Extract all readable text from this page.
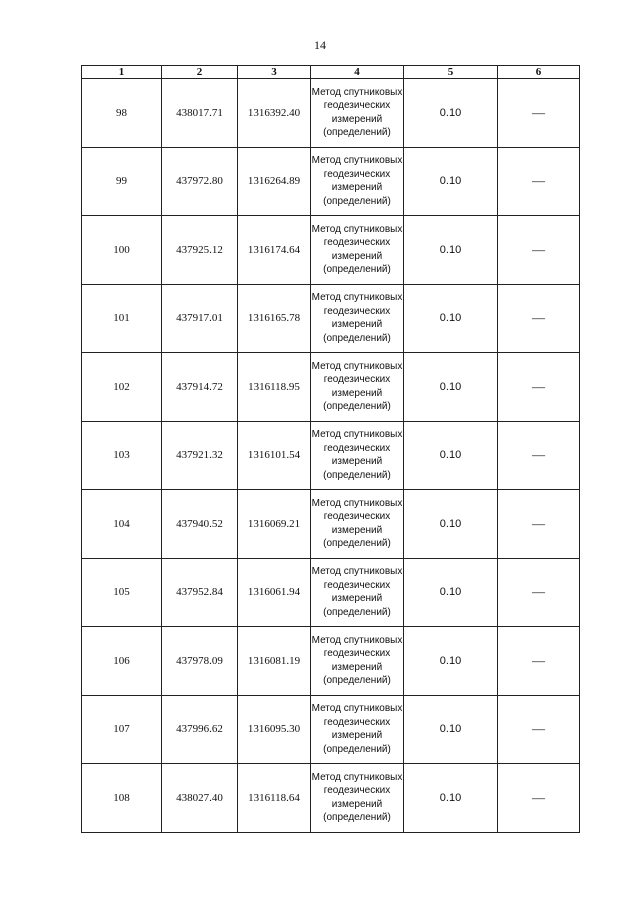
14
1	2	3	4	5	6
98	438017.71	1316392.40	Метод спутниковых геодезических измерений (определений)	0.10	—
99	437972.80	1316264.89	Метод спутниковых геодезических измерений (определений)	0.10	—
100	437925.12	1316174.64	Метод спутниковых геодезических измерений (определений)	0.10	—
101	437917.01	1316165.78	Метод спутниковых геодезических измерений (определений)	0.10	—
102	437914.72	1316118.95	Метод спутниковых геодезических измерений (определений)	0.10	—
103	437921.32	1316101.54	Метод спутниковых геодезических измерений (определений)	0.10	—
104	437940.52	1316069.21	Метод спутниковых геодезических измерений (определений)	0.10	—
105	437952.84	1316061.94	Метод спутниковых геодезических измерений (определений)	0.10	—
106	437978.09	1316081.19	Метод спутниковых геодезических измерений (определений)	0.10	—
107	437996.62	1316095.30	Метод спутниковых геодезических измерений (определений)	0.10	—
108	438027.40	1316118.64	Метод спутниковых геодезических измерений (определений)	0.10	—
